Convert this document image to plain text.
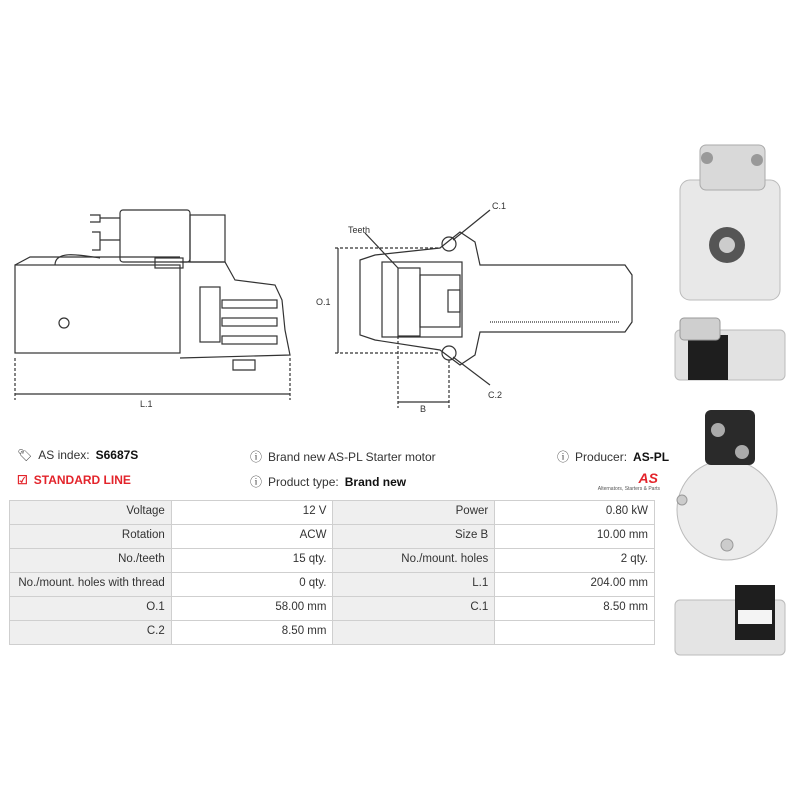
L.1
Teeth
C.1
C.2
O.1
B
🏷 AS index: S6687S
☑ STANDARD LINE
ⓘ Brand new AS-PL Starter motor
ⓘ Product type: Brand new
ⓘ Producer: AS-PL
AS
Alternators, Starters & Parts
Voltage	12 V	Power	0.80 kW
Rotation	ACW	Size B	10.00 mm
No./teeth	15 qty.	No./mount. holes	2 qty.
No./mount. holes with thread	0 qty.	L.1	204.00 mm
O.1	58.00 mm	C.1	8.50 mm
C.2	8.50 mm		
